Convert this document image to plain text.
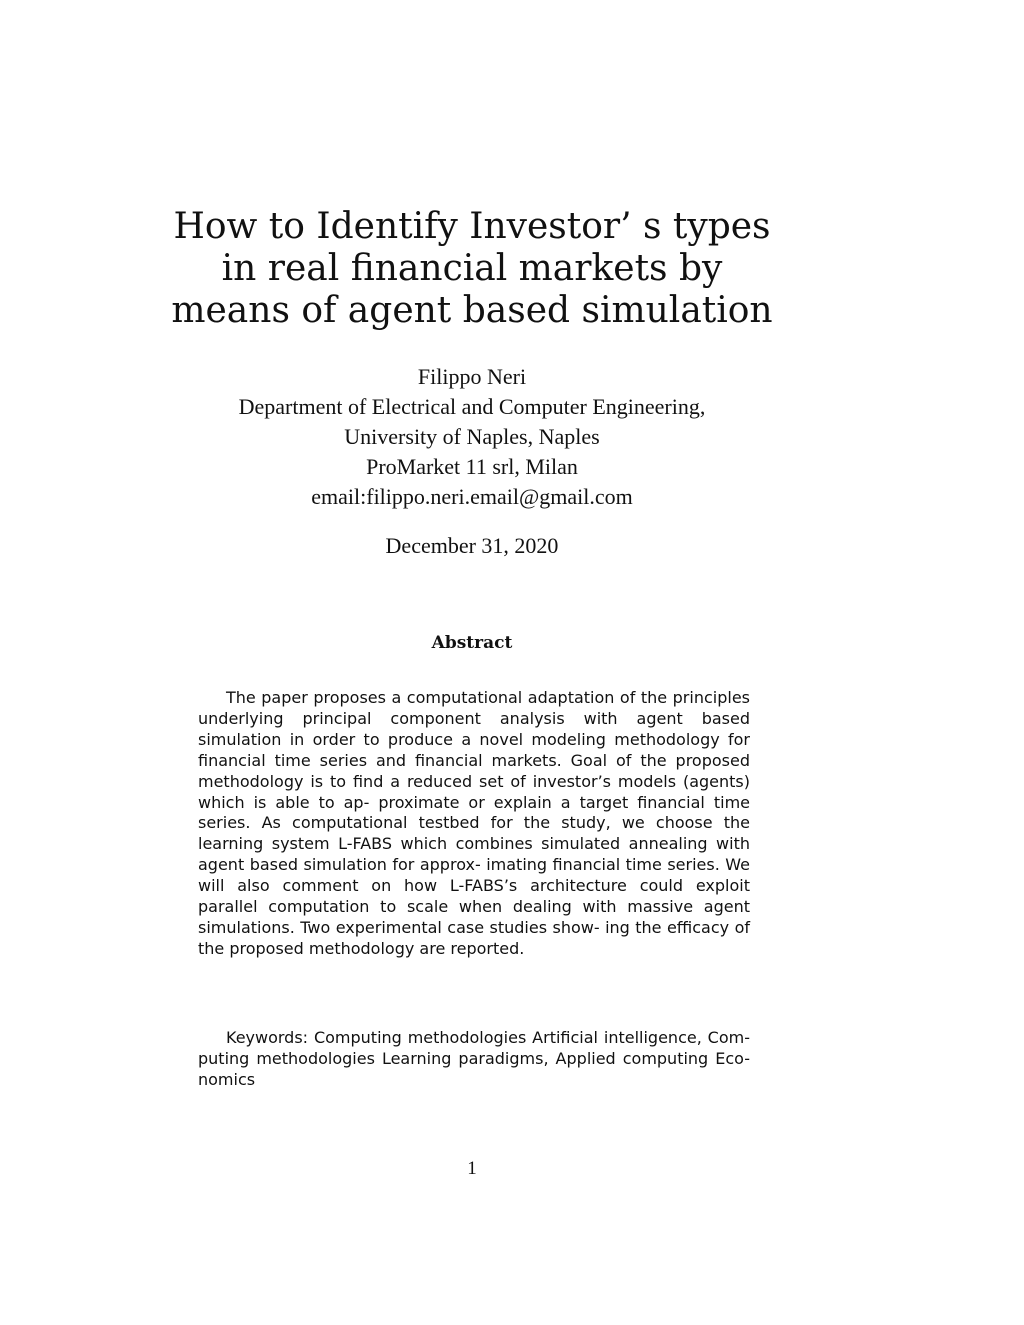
How to Identify Investor’ s types
in real financial markets by
means of agent based simulation
Filippo Neri
Department of Electrical and Computer Engineering,
University of Naples, Naples
ProMarket 11 srl, Milan
email:filippo.neri.email@gmail.com
December 31, 2020
Abstract

The paper proposes a computational adaptation of the principles underlying principal component analysis with agent based simulation in order to produce a novel modeling methodology for financial time series and financial markets. Goal of the proposed methodology is to find a reduced set of investor’s models (agents) which is able to ap- proximate or explain a target financial time series. As computational testbed for the study, we choose the learning system L-FABS which combines simulated annealing with agent based simulation for approx- imating financial time series. We will also comment on how L-FABS’s architecture could exploit parallel computation to scale when dealing with massive agent simulations. Two experimental case studies show- ing the efficacy of the proposed methodology are reported.

Keywords: Computing methodologies Artificial intelligence, Com- puting methodologies Learning paradigms, Applied computing Eco- nomics

1
